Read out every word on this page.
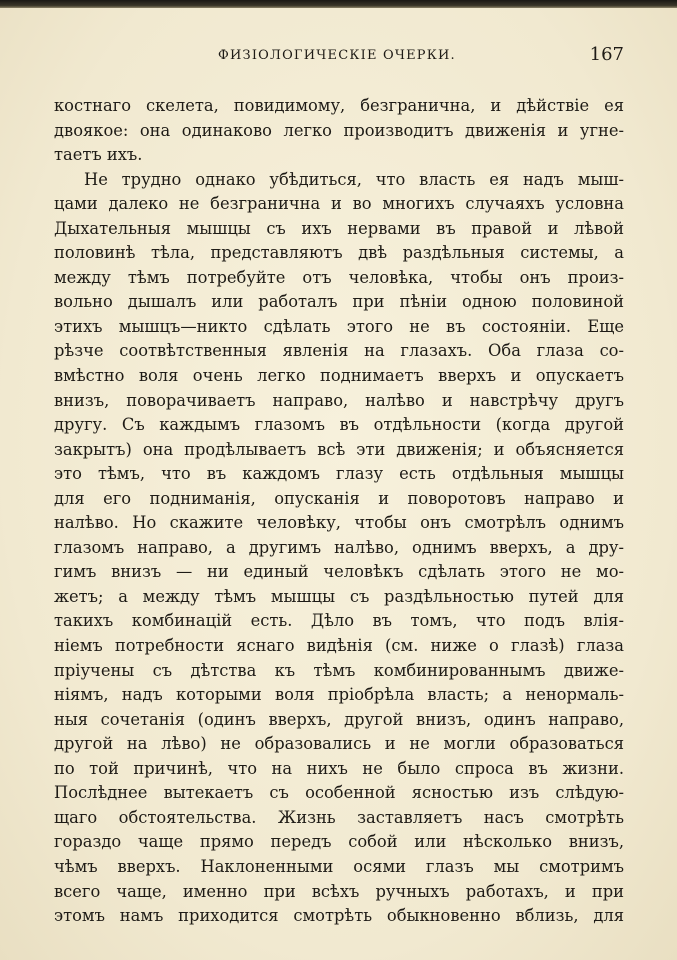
ФИЗІОЛОГИЧЕСКІЕ ОЧЕРКИ.	167
костнаго скелета, повидимому, безгранична, и дѣйствіе ея
двоякое: она одинаково легко производитъ движенія и угне-
таетъ ихъ.
Не трудно однако убѣдиться, что власть ея надъ мыш-
цами далеко не безгранична и во многихъ случаяхъ условна
Дыхательныя мышцы съ ихъ нервами въ правой и лѣвой
половинѣ тѣла, представляютъ двѣ раздѣльныя системы, а
между тѣмъ потребуйте отъ человѣка, чтобы онъ произ-
вольно дышалъ или работалъ при пѣніи одною половиной
этихъ мышцъ—никто сдѣлать этого не въ состояніи. Еще
рѣзче соотвѣтственныя явленія на глазахъ. Оба глаза со-
вмѣстно воля очень легко поднимаетъ вверхъ и опускаетъ
внизъ, поворачиваетъ направо, налѣво и навстрѣчу другъ
другу. Съ каждымъ глазомъ въ отдѣльности (когда другой
закрытъ) она продѣлываетъ всѣ эти движенія; и объясняется
это тѣмъ, что въ каждомъ глазу есть отдѣльныя мышцы
для его подниманія, опусканія и поворотовъ направо и
налѣво. Но скажите человѣку, чтобы онъ смотрѣлъ однимъ
глазомъ направо, а другимъ налѣво, однимъ вверхъ, а дру-
гимъ внизъ — ни единый человѣкъ сдѣлать этого не мо-
жетъ; а между тѣмъ мышцы съ раздѣльностью путей для
такихъ комбинацій есть. Дѣло въ томъ, что подъ влія-
ніемъ потребности яснаго видѣнія (см. ниже о глазѣ) глаза
пріучены съ дѣтства къ тѣмъ комбинированнымъ движе-
ніямъ, надъ которыми воля пріобрѣла власть; а ненормаль-
ныя сочетанія (одинъ вверхъ, другой внизъ, одинъ направо,
другой на лѣво) не образовались и не могли образоваться
по той причинѣ, что на нихъ не было спроса въ жизни.
Послѣднее вытекаетъ съ особенной ясностью изъ слѣдую-
щаго обстоятельства. Жизнь заставляетъ насъ смотрѣть
гораздо чаще прямо передъ собой или нѣсколько внизъ,
чѣмъ вверхъ. Наклоненными осями глазъ мы смотримъ
всего чаще, именно при всѣхъ ручныхъ работахъ, и при
этомъ намъ приходится смотрѣть обыкновенно вблизь, для
